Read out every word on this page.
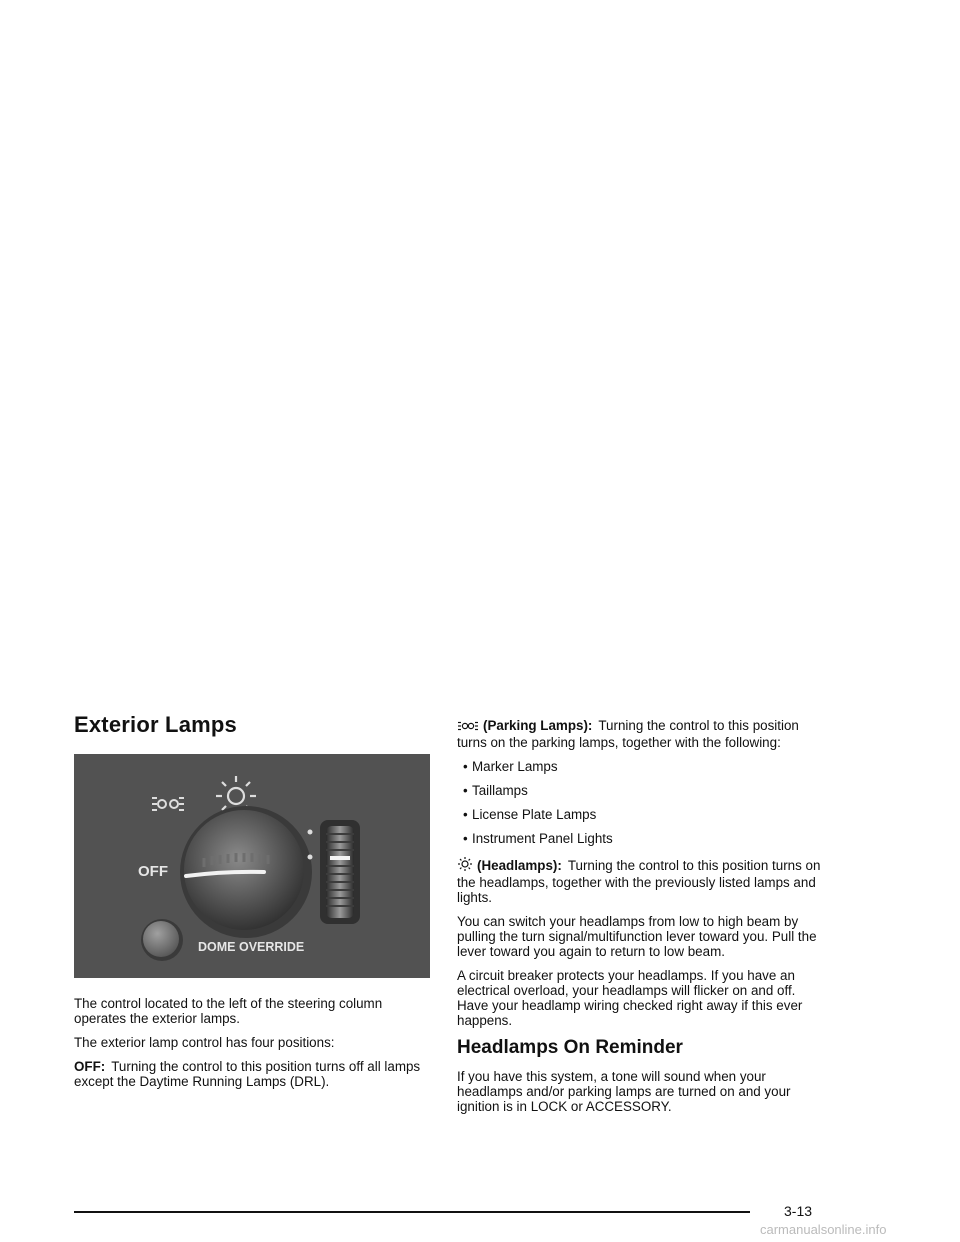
Exterior Lamps
OFF
DOME OVERRIDE

The control located to the left of the steering column operates the exterior lamps.

The exterior lamp control has four positions:

OFF: Turning the control to this position turns off all lamps except the Daytime Running Lamps (DRL).

(Parking Lamps): Turning the control to this position turns on the parking lamps, together with the following:

• Marker Lamps
• Taillamps
• License Plate Lamps
• Instrument Panel Lights

(Headlamps): Turning the control to this position turns on the headlamps, together with the previously listed lamps and lights.

You can switch your headlamps from low to high beam by pulling the turn signal/multifunction lever toward you. Pull the lever toward you again to return to low beam.

A circuit breaker protects your headlamps. If you have an electrical overload, your headlamps will flicker on and off. Have your headlamp wiring checked right away if this ever happens.

Headlamps On Reminder

If you have this system, a tone will sound when your headlamps and/or parking lamps are turned on and your ignition is in LOCK or ACCESSORY.

3-13
carmanualsonline.info
